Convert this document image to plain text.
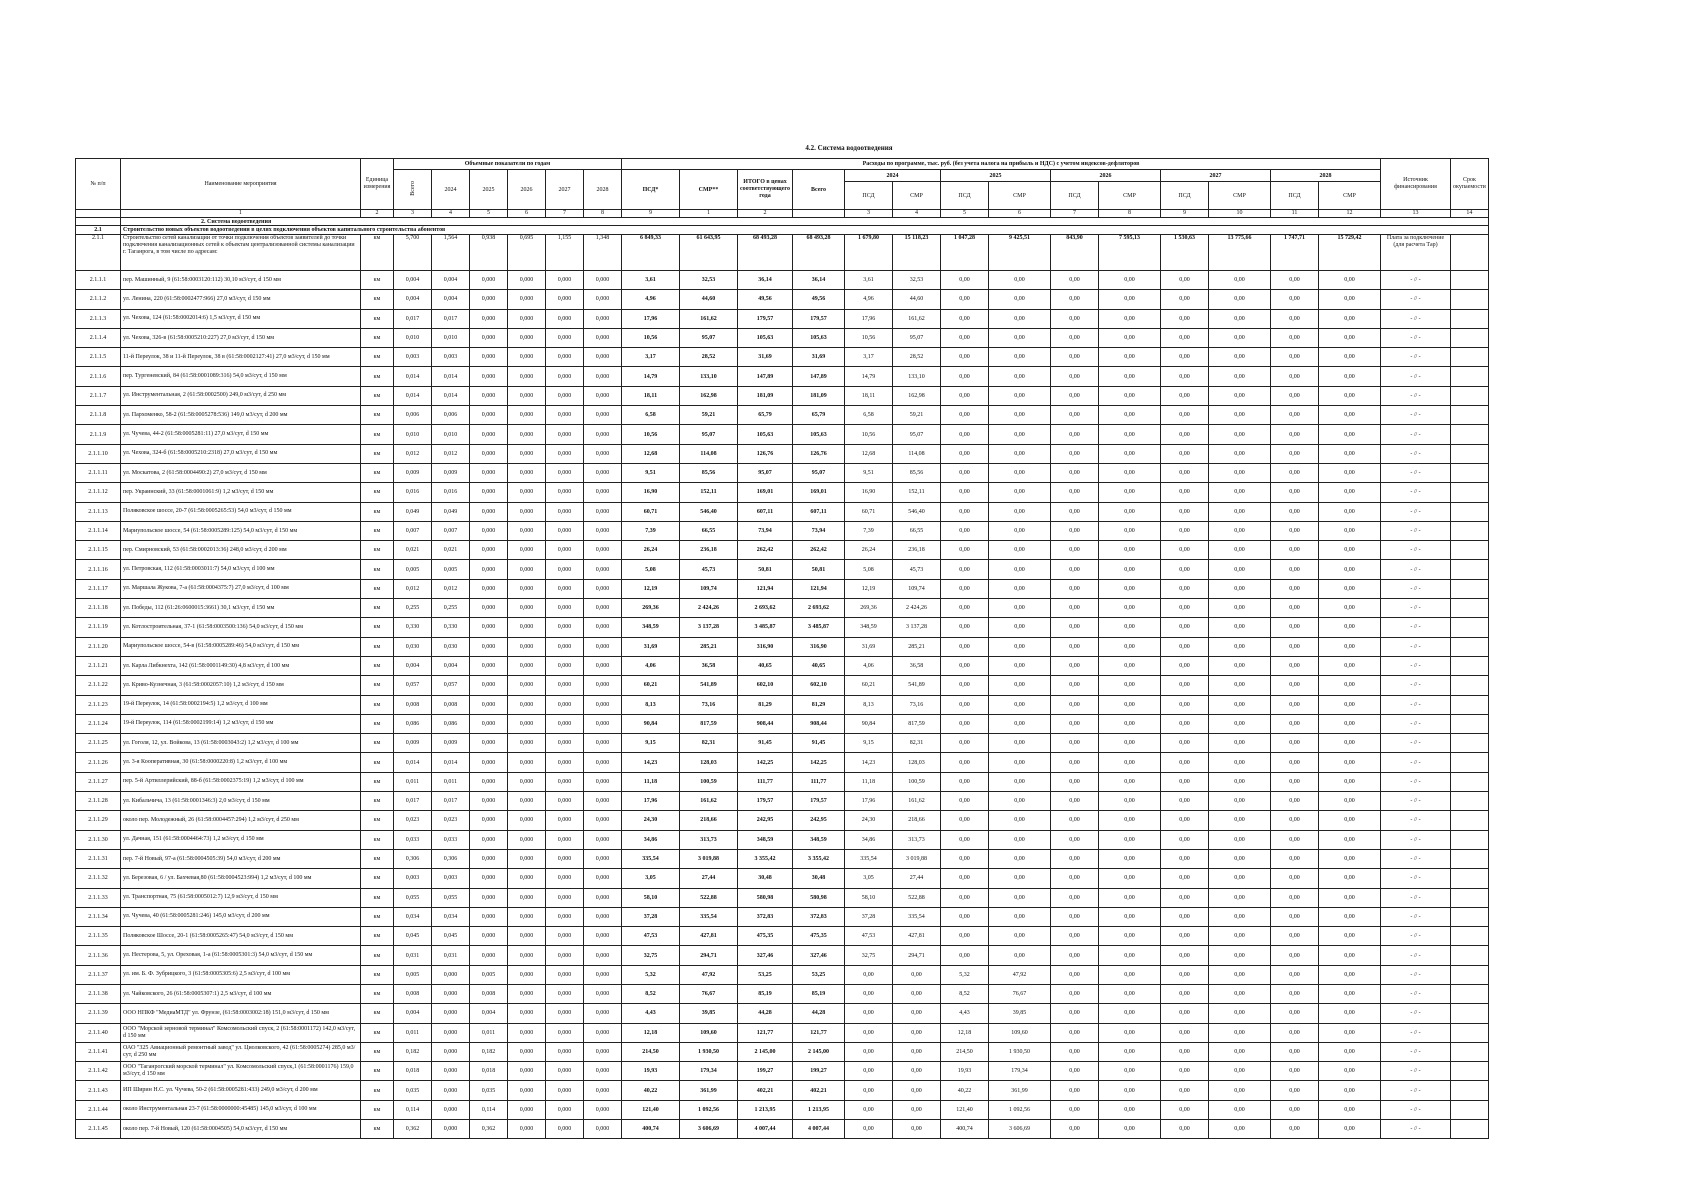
4.2. Система водоотведения
№ п/п	Наименование мероприятия	Единица измерения	Объемные показатели по годам						Расходы по программе, тыс. руб. (без учета налога на прибыль и НДС) с учетом индексов-дефляторов														Источник финансирования	Срок окупаемости
			Всего	2024	2025	2026	2027	2028	ПСД*	СМР**	ИТОГО в ценах соответствующего года	Всего	2024		2025		2026		2027		2028			
													ПСД	СМР	ПСД	СМР	ПСД	СМР	ПСД	СМР	ПСД	СМР		
	1	2	3	4	5	6	7	8	9	1	2		3	4	5	6	7	8	9	10	11	12	13	14
	2. Система водоотведения																							
2.1	Строительство новых объектов водоотведения в целях подключения объектов капитального строительства абонентов																							
2.1.1	Строительство сетей канализации от точки подключения объектов заявителей до точки подключения канализационных сетей к объектам централизованной системы канализации г. Таганрога, в том числе по адресам:	км	5,700	1,564	0,938	0,695	1,155	1,348	6 849,33	61 643,95	68 493,28	68 493,28	1 679,80	15 118,23	1 047,28	9 425,51	843,90	7 595,13	1 530,63	13 775,66	1 747,71	15 729,42	Плата за подключение (для расчета Тар)	
2.1.1.1	пер. Машинный, 9 (61:58:0003120:112) 30,10 м3/сут, d 150 мм	км	0,004	0,004	0,000	0,000	0,000	0,000	3,61	32,53	36,14	36,14	3,61	32,53	0,00	0,00	0,00	0,00	0,00	0,00	0,00	0,00	- // -	
2.1.1.2	ул. Ленина, 220 (61:58:0002477:966) 27,0 м3/сут, d 150 мм	км	0,004	0,004	0,000	0,000	0,000	0,000	4,96	44,60	49,56	49,56	4,96	44,60	0,00	0,00	0,00	0,00	0,00	0,00	0,00	0,00	- // -	
2.1.1.3	ул. Чехова, 124 (61:58:0002014:6) 1,5 м3/сут, d 150 мм	км	0,017	0,017	0,000	0,000	0,000	0,000	17,96	161,62	179,57	179,57	17,96	161,62	0,00	0,00	0,00	0,00	0,00	0,00	0,00	0,00	- // -	
2.1.1.4	ул. Чехова, 326-в (61:58:0005210:227) 27,0 м3/сут, d 150 мм	км	0,010	0,010	0,000	0,000	0,000	0,000	10,56	95,07	105,63	105,63	10,56	95,07	0,00	0,00	0,00	0,00	0,00	0,00	0,00	0,00	- // -	
2.1.1.5	11-й Переулок, 38 и 11-й Переулок, 38 в (61:58:0002127:41) 27,0 м3/сут, d 150 мм	км	0,003	0,003	0,000	0,000	0,000	0,000	3,17	28,52	31,69	31,69	3,17	28,52	0,00	0,00	0,00	0,00	0,00	0,00	0,00	0,00	- // -	
2.1.1.6	пер. Тургеневский, 84 (61:58:0001089:316) 54,0 м3/сут, d 150 мм	км	0,014	0,014	0,000	0,000	0,000	0,000	14,79	133,10	147,89	147,89	14,79	133,10	0,00	0,00	0,00	0,00	0,00	0,00	0,00	0,00	- // -	
2.1.1.7	ул. Инструментальная, 2 (61:58:0002500) 249,0 м3/сут, d 250 мм	км	0,014	0,014	0,000	0,000	0,000	0,000	18,11	162,98	181,09	181,09	18,11	162,98	0,00	0,00	0,00	0,00	0,00	0,00	0,00	0,00	- // -	
2.1.1.8	ул. Пархоменко, 58-2 (61:58:0005278:536) 149,0 м3/сут, d 200 мм	км	0,006	0,006	0,000	0,000	0,000	0,000	6,58	59,21	65,79	65,79	6,58	59,21	0,00	0,00	0,00	0,00	0,00	0,00	0,00	0,00	- // -	
2.1.1.9	ул. Чучева, 44-2 (61:58:0005281:11) 27,0 м3/сут, d 150 мм	км	0,010	0,010	0,000	0,000	0,000	0,000	10,56	95,07	105,63	105,63	10,56	95,07	0,00	0,00	0,00	0,00	0,00	0,00	0,00	0,00	- // -	
2.1.1.10	ул. Чехова, 324-б (61:58:0005210:2318) 27,0 м3/сут, d 150 мм	км	0,012	0,012	0,000	0,000	0,000	0,000	12,68	114,08	126,76	126,76	12,68	114,08	0,00	0,00	0,00	0,00	0,00	0,00	0,00	0,00	- // -	
2.1.1.11	ул. Москатова, 2 (61:58:0004490:2) 27,0 м3/сут, d 150 мм	км	0,009	0,009	0,000	0,000	0,000	0,000	9,51	85,56	95,07	95,07	9,51	85,56	0,00	0,00	0,00	0,00	0,00	0,00	0,00	0,00	- // -	
2.1.1.12	пер. Украинский, 33 (61:58:0001061:9) 1,2 м3/сут, d 150 мм	км	0,016	0,016	0,000	0,000	0,000	0,000	16,90	152,11	169,01	169,01	16,90	152,11	0,00	0,00	0,00	0,00	0,00	0,00	0,00	0,00	- // -	
2.1.1.13	Поляковское шоссе, 20-7 (61:58:0005265:53) 54,0 м3/сут, d 150 мм	км	0,049	0,049	0,000	0,000	0,000	0,000	60,71	546,40	607,11	607,11	60,71	546,40	0,00	0,00	0,00	0,00	0,00	0,00	0,00	0,00	- // -	
2.1.1.14	Мариупольское шоссе, 54 (61:58:0005289:125) 54,0 м3/сут, d 150 мм	км	0,007	0,007	0,000	0,000	0,000	0,000	7,39	66,55	73,94	73,94	7,39	66,55	0,00	0,00	0,00	0,00	0,00	0,00	0,00	0,00	- // -	
2.1.1.15	пер. Смирновский, 53 (61:58:0002013:36) 248,0 м3/сут, d 200 мм	км	0,021	0,021	0,000	0,000	0,000	0,000	26,24	236,18	262,42	262,42	26,24	236,18	0,00	0,00	0,00	0,00	0,00	0,00	0,00	0,00	- // -	
2.1.1.16	ул. Петровская, 112 (61:58:0003011:7) 54,0 м3/сут, d 100 мм	км	0,005	0,005	0,000	0,000	0,000	0,000	5,08	45,73	50,81	50,81	5,08	45,73	0,00	0,00	0,00	0,00	0,00	0,00	0,00	0,00	- // -	
2.1.1.17	ул. Маршала Жукова, 7-а (61:58:0004375:7) 27,0 м3/сут, d 100 мм	км	0,012	0,012	0,000	0,000	0,000	0,000	12,19	109,74	121,94	121,94	12,19	109,74	0,00	0,00	0,00	0,00	0,00	0,00	0,00	0,00	- // -	
2.1.1.18	ул. Победы, 112 (61:26:0600015:3661) 30,1 м3/сут, d 150 мм	км	0,255	0,255	0,000	0,000	0,000	0,000	269,36	2 424,26	2 693,62	2 693,62	269,36	2 424,26	0,00	0,00	0,00	0,00	0,00	0,00	0,00	0,00	- // -	
2.1.1.19	ул. Котлостроительная, 37-1 (61:58:0003500:136) 54,0 м3/сут, d 150 мм	км	0,330	0,330	0,000	0,000	0,000	0,000	348,59	3 137,28	3 485,87	3 485,87	348,59	3 137,28	0,00	0,00	0,00	0,00	0,00	0,00	0,00	0,00	- // -	
2.1.1.20	Мариупольское шоссе, 54-в (61:58:0005289:46) 54,0 м3/сут, d 150 мм	км	0,030	0,030	0,000	0,000	0,000	0,000	31,69	285,21	316,90	316,90	31,69	285,21	0,00	0,00	0,00	0,00	0,00	0,00	0,00	0,00	- // -	
2.1.1.21	ул. Карла Либкнехта, 142 (61:58:0001149:30) 4,8 м3/сут, d 100 мм	км	0,004	0,004	0,000	0,000	0,000	0,000	4,06	36,58	40,65	40,65	4,06	36,58	0,00	0,00	0,00	0,00	0,00	0,00	0,00	0,00	- // -	
2.1.1.22	ул. Криво-Кузнечная, 3 (61:58:0002057:10) 1,2 м3/сут, d 150 мм	км	0,057	0,057	0,000	0,000	0,000	0,000	60,21	541,89	602,10	602,10	60,21	541,89	0,00	0,00	0,00	0,00	0,00	0,00	0,00	0,00	- // -	
2.1.1.23	19-й Переулок, 14 (61:58:0002194:5) 1,2 м3/сут, d 100 мм	км	0,008	0,008	0,000	0,000	0,000	0,000	8,13	73,16	81,29	81,29	8,13	73,16	0,00	0,00	0,00	0,00	0,00	0,00	0,00	0,00	- // -	
2.1.1.24	19-й Переулок, 114 (61:58:0002199:14) 1,2 м3/сут, d 150 мм	км	0,086	0,086	0,000	0,000	0,000	0,000	90,84	817,59	908,44	908,44	90,84	817,59	0,00	0,00	0,00	0,00	0,00	0,00	0,00	0,00	- // -	
2.1.1.25	ул. Гоголя, 12, ул. Войкова, 13 (61:58:0003043:2) 1,2 м3/сут, d 100 мм	км	0,009	0,009	0,000	0,000	0,000	0,000	9,15	82,31	91,45	91,45	9,15	82,31	0,00	0,00	0,00	0,00	0,00	0,00	0,00	0,00	- // -	
2.1.1.26	ул. 3-я Кооперативная, 30 (61:58:0000220:8) 1,2 м3/сут, d 100 мм	км	0,014	0,014	0,000	0,000	0,000	0,000	14,23	128,03	142,25	142,25	14,23	128,03	0,00	0,00	0,00	0,00	0,00	0,00	0,00	0,00	- // -	
2.1.1.27	пер. 5-й Артиллерийский, 88-б (61:58:0002375:19) 1,2 м3/сут, d 100 мм	км	0,011	0,011	0,000	0,000	0,000	0,000	11,18	100,59	111,77	111,77	11,18	100,59	0,00	0,00	0,00	0,00	0,00	0,00	0,00	0,00	- // -	
2.1.1.28	ул. Кибальчича, 13 (61:58:0001346:3) 2,0 м3/сут, d 150 мм	км	0,017	0,017	0,000	0,000	0,000	0,000	17,96	161,62	179,57	179,57	17,96	161,62	0,00	0,00	0,00	0,00	0,00	0,00	0,00	0,00	- // -	
2.1.1.29	около пер. Молодежный, 26 (61:58:0004457:294) 1,2 м3/сут, d 250 мм	км	0,023	0,023	0,000	0,000	0,000	0,000	24,30	218,66	242,95	242,95	24,30	218,66	0,00	0,00	0,00	0,00	0,00	0,00	0,00	0,00	- // -	
2.1.1.30	ул. Дачная, 151 (61:58:0004464:73) 1,2 м3/сут, d 150 мм	км	0,033	0,033	0,000	0,000	0,000	0,000	34,86	313,73	348,59	348,59	34,86	313,73	0,00	0,00	0,00	0,00	0,00	0,00	0,00	0,00	- // -	
2.1.1.31	пер. 7-й Новый, 97-а (61:58:0004505:39) 54,0 м3/сут, d 200 мм	км	0,306	0,306	0,000	0,000	0,000	0,000	335,54	3 019,88	3 355,42	3 355,42	335,54	3 019,88	0,00	0,00	0,00	0,00	0,00	0,00	0,00	0,00	- // -	
2.1.1.32	ул. Березовая, 6 / ул. Бахчевая,80 (61:58:0004523:994) 1,2 м3/сут, d 100 мм	км	0,003	0,003	0,000	0,000	0,000	0,000	3,05	27,44	30,48	30,48	3,05	27,44	0,00	0,00	0,00	0,00	0,00	0,00	0,00	0,00	- // -	
2.1.1.33	ул. Транспортная, 75 (61:58:0005012:7) 12,9 м3/сут, d 150 мм	км	0,055	0,055	0,000	0,000	0,000	0,000	58,10	522,88	580,98	580,98	58,10	522,88	0,00	0,00	0,00	0,00	0,00	0,00	0,00	0,00	- // -	
2.1.1.34	ул. Чучева, 40 (61:58:0005281:246) 145,0 м3/сут, d 200 мм	км	0,034	0,034	0,000	0,000	0,000	0,000	37,28	335,54	372,83	372,83	37,28	335,54	0,00	0,00	0,00	0,00	0,00	0,00	0,00	0,00	- // -	
2.1.1.35	Поляковское Шоссе, 20-1 (61:58:0005265:47) 54,0 м3/сут, d 150 мм	км	0,045	0,045	0,000	0,000	0,000	0,000	47,53	427,81	475,35	475,35	47,53	427,81	0,00	0,00	0,00	0,00	0,00	0,00	0,00	0,00	- // -	
2.1.1.36	ул. Нестерова, 5, ул. Ореховая, 1-а (61:58:0005301:3) 54,0 м3/сут, d 150 мм	км	0,031	0,031	0,000	0,000	0,000	0,000	32,75	294,71	327,46	327,46	32,75	294,71	0,00	0,00	0,00	0,00	0,00	0,00	0,00	0,00	- // -	
2.1.1.37	ул. им. Б. Ф. Зубрицкого, 3 (61:58:0005305:6) 2,5 м3/сут, d 100 мм	км	0,005	0,000	0,005	0,000	0,000	0,000	5,32	47,92	53,25	53,25	0,00	0,00	5,32	47,92	0,00	0,00	0,00	0,00	0,00	0,00	- // -	
2.1.1.38	ул. Чайковского, 26 (61:58:0005307:1) 2,5 м3/сут, d 100 мм	км	0,008	0,000	0,008	0,000	0,000	0,000	8,52	76,67	85,19	85,19	0,00	0,00	8,52	76,67	0,00	0,00	0,00	0,00	0,00	0,00	- // -	
2.1.1.39	ООО НПКФ "МедиаМТД" ул. Фрунзе, (61:58:0003002:18) 151,0 м3/сут, d 150 мм	км	0,004	0,000	0,004	0,000	0,000	0,000	4,43	39,85	44,28	44,28	0,00	0,00	4,43	39,85	0,00	0,00	0,00	0,00	0,00	0,00	- // -	
2.1.1.40	ООО "Морской зерновой терминал" Комсомольский спуск, 2 (61:58:0001172) 142,0 м3/сут, d 150 мм	км	0,011	0,000	0,011	0,000	0,000	0,000	12,18	109,60	121,77	121,77	0,00	0,00	12,18	109,60	0,00	0,00	0,00	0,00	0,00	0,00	- // -	
2.1.1.41	ОАО "325 Авиационный ремонтный завод" ул. Циолковского, 42 (61:58:0005274) 285,0 м3/сут, d 250 мм	км	0,182	0,000	0,182	0,000	0,000	0,000	214,50	1 930,50	2 145,00	2 145,00	0,00	0,00	214,50	1 930,50	0,00	0,00	0,00	0,00	0,00	0,00	- // -	
2.1.1.42	ООО "Таганрогский морской терминал" ул. Комсомольский спуск,1 (61:58:0001176) 159,0 м3/сут, d 150 мм	км	0,018	0,000	0,018	0,000	0,000	0,000	19,93	179,34	199,27	199,27	0,00	0,00	19,93	179,34	0,00	0,00	0,00	0,00	0,00	0,00	- // -	
2.1.1.43	ИП Ширин Н.С. ул. Чучева, 50-2 (61:58:0005281:433) 249,0 м3/сут, d 200 мм	км	0,035	0,000	0,035	0,000	0,000	0,000	40,22	361,99	402,21	402,21	0,00	0,00	40,22	361,99	0,00	0,00	0,00	0,00	0,00	0,00	- // -	
2.1.1.44	около Инструментальная 23-7 (61:58:0000000:45485) 145,0 м3/сут, d 100 мм	км	0,114	0,000	0,114	0,000	0,000	0,000	121,40	1 092,56	1 213,95	1 213,95	0,00	0,00	121,40	1 092,56	0,00	0,00	0,00	0,00	0,00	0,00	- // -	
2.1.1.45	около пер. 7-й Новый, 120 (61:58:0004505) 54,0 м3/сут, d 150 мм	км	0,362	0,000	0,362	0,000	0,000	0,000	400,74	3 606,69	4 007,44	4 007,44	0,00	0,00	400,74	3 606,69	0,00	0,00	0,00	0,00	0,00	0,00	- // -	
